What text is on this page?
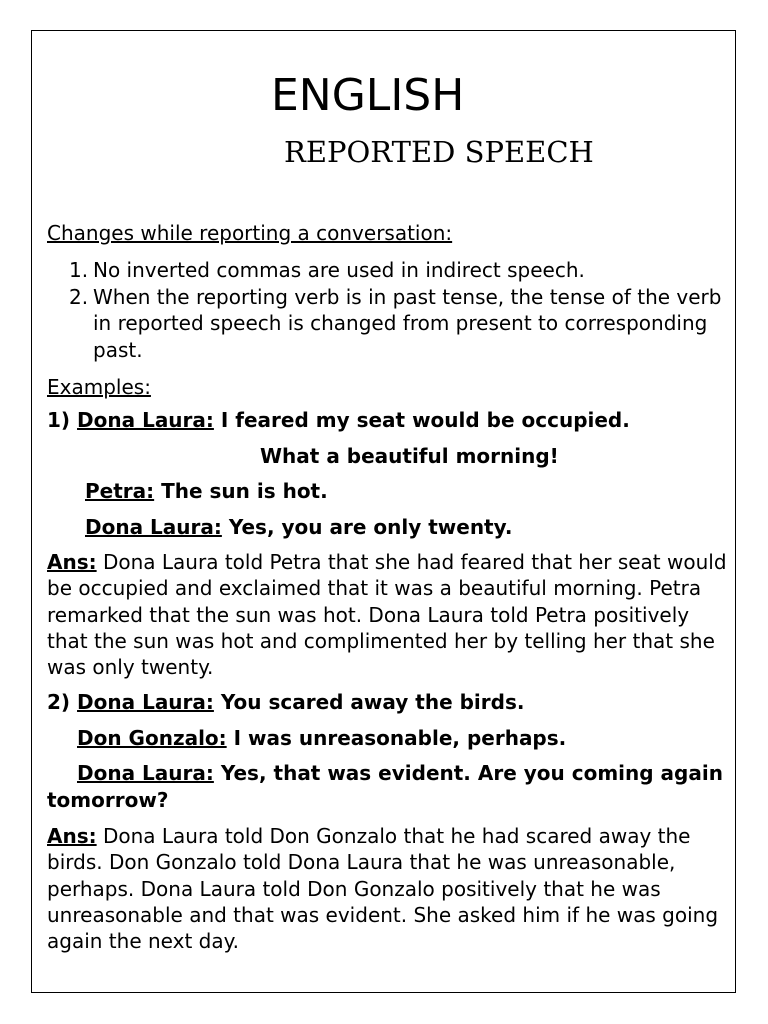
ENGLISH
REPORTED SPEECH

Changes while reporting a conversation:

1. No inverted commas are used in indirect speech.
2. When the reporting verb is in past tense, the tense of the verb in reported speech is changed from present to corresponding past.

Examples:

1) Dona Laura: I feared my seat would be occupied.

What a beautiful morning!

Petra: The sun is hot.

Dona Laura: Yes, you are only twenty.

Ans: Dona Laura told Petra that she had feared that her seat would be occupied and exclaimed that it was a beautiful morning. Petra remarked that the sun was hot. Dona Laura told Petra positively that the sun was hot and complimented her by telling her that she was only twenty.

2) Dona Laura: You scared away the birds.

Don Gonzalo: I was unreasonable, perhaps.

Dona Laura: Yes, that was evident. Are you coming again tomorrow?

Ans: Dona Laura told Don Gonzalo that he had scared away the birds. Don Gonzalo told Dona Laura that he was unreasonable, perhaps. Dona Laura told Don Gonzalo positively that he was unreasonable and that was evident. She asked him if he was going again the next day.
